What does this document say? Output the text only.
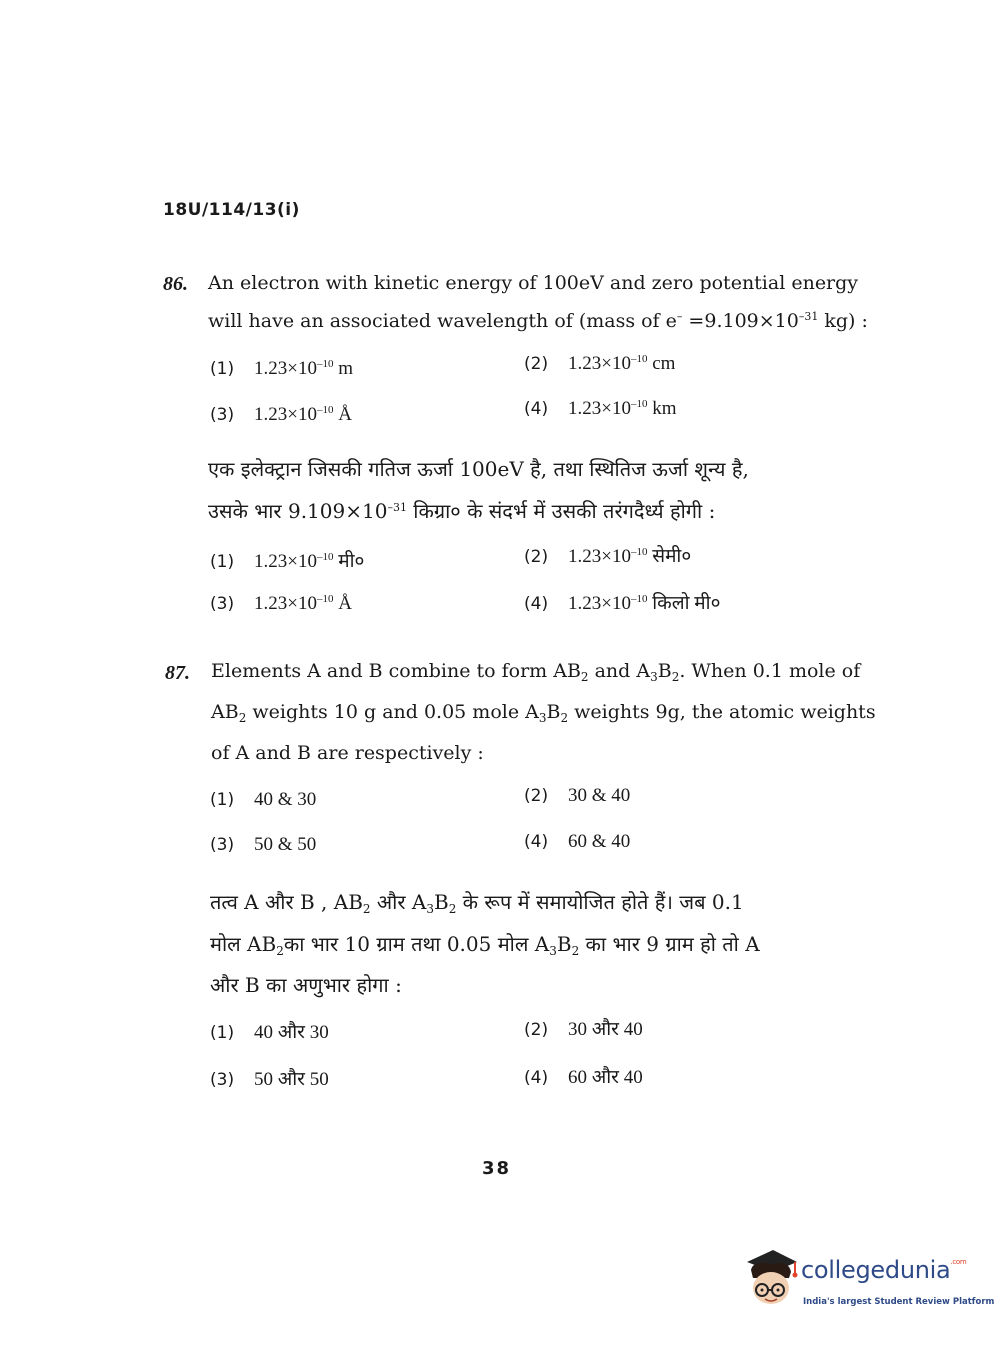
18U/114/13(i)
86. An electron with kinetic energy of 100eV and zero potential energy
will have an associated wavelength of (mass of $e^- =9.109\times 10^{-31}$ kg) :
(1) $1.23\times 10^{-10}$ m	(2) $1.23\times 10^{-10}$ cm
(3) $1.23\times 10^{-10}$ Å	(4) $1.23\times 10^{-10}$ km
एक इलेक्ट्रान जिसकी गतिज ऊर्जा 100eV है, तथा स्थितिज ऊर्जा शून्य है,
उसके भार $9.109\times 10^{-31}$ किग्रा० के संदर्भ में उसकी तरंगदैर्ध्य होगी :
(1) $1.23\times 10^{-10}$ मी०	(2) $1.23\times 10^{-10}$ सेमी०
(3) $1.23\times 10^{-10}$ Å	(4) $1.23\times 10^{-10}$ किलो मी०
87. Elements A and B combine to form $AB_2$ and $A_3B_2$. When 0.1 mole of
$AB_2$ weights 10 g and 0.05 mole $A_3B_2$ weights 9g, the atomic weights
of A and B are respectively :
(1) 40 & 30	(2) 30 & 40
(3) 50 & 50	(4) 60 & 40
तत्व A और B , $AB_2$ और $A_3B_2$ के रूप में समायोजित होते हैं। जब 0.1
मोल $AB_2का$ भार 10 ग्राम तथा 0.05 मोल $A_3B_2$ का भार 9 ग्राम हो तो A
और B का अणुभार होगा :
(1) 40 और 30	(2) 30 और 40
(3) 50 और 50	(4) 60 और 40
38
collegedunia$^{.com}$
India's largest Student Review Platform
